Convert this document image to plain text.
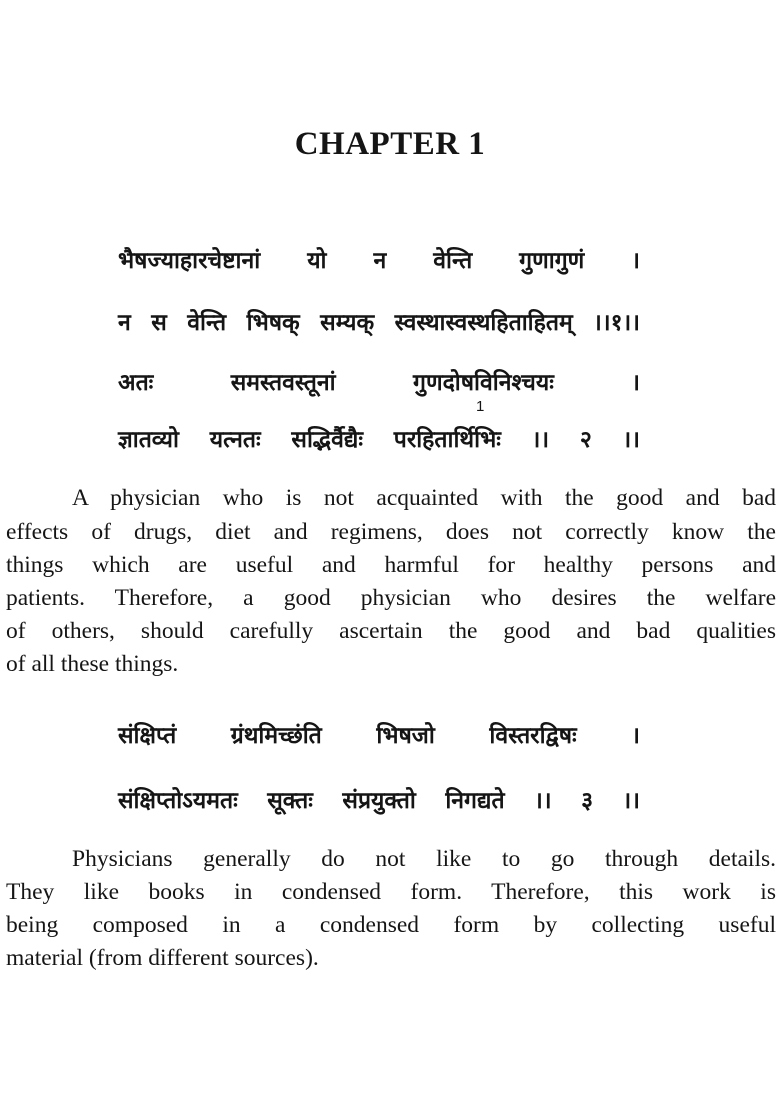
CHAPTER 1
भैषज्याहारचेष्टानां यो न वेन्ति गुणागुणं ।
न स वेन्ति भिषक् सम्यक् स्वस्थास्वस्थहिताहितम् ।।१।।
अतः समस्तवस्तूनां गुणदोषविनिश्चयः ।
1
ज्ञातव्यो यत्नतः सद्भिर्वैद्यैः परहितार्थिभिः ।। २ ।।
A physician who is not acquainted with the good and bad
effects of drugs, diet and regimens, does not correctly know the
things which are useful and harmful for healthy persons and
patients. Therefore, a good physician who desires the welfare
of others, should carefully ascertain the good and bad qualities
of all these things.
संक्षिप्तं ग्रंथमिच्छंति भिषजो विस्तरद्विषः ।
संक्षिप्तोऽयमतः सूक्तः संप्रयुक्तो निगद्यते ।। ३ ।।
Physicians generally do not like to go through details.
They like books in condensed form. Therefore, this work is
being composed in a condensed form by collecting useful
material (from different sources).
